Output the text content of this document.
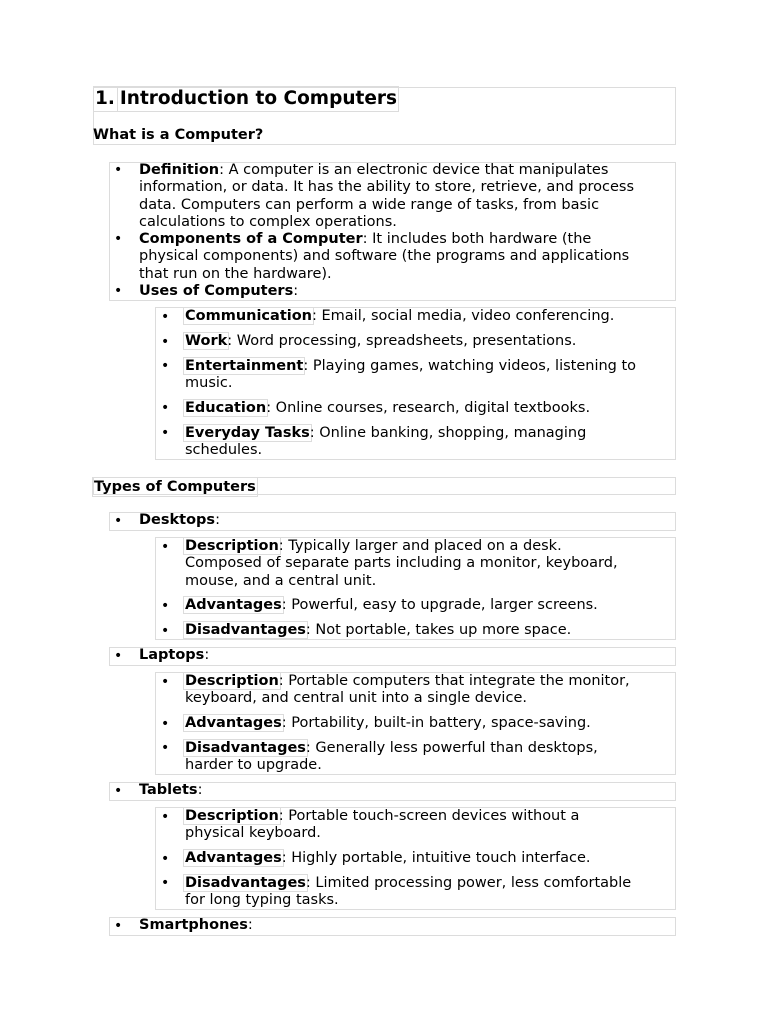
1. Introduction to Computers
What is a Computer?
• Definition: A computer is an electronic device that manipulates
information, or data. It has the ability to store, retrieve, and process
data. Computers can perform a wide range of tasks, from basic
calculations to complex operations.
• Components of a Computer: It includes both hardware (the
physical components) and software (the programs and applications
that run on the hardware).
• Uses of Computers:
• Communication: Email, social media, video conferencing.
• Work: Word processing, spreadsheets, presentations.
• Entertainment: Playing games, watching videos, listening to
music.
• Education: Online courses, research, digital textbooks.
• Everyday Tasks: Online banking, shopping, managing
schedules.
Types of Computers
• Desktops:
• Description: Typically larger and placed on a desk.
Composed of separate parts including a monitor, keyboard,
mouse, and a central unit.
• Advantages: Powerful, easy to upgrade, larger screens.
• Disadvantages: Not portable, takes up more space.
• Laptops:
• Description: Portable computers that integrate the monitor,
keyboard, and central unit into a single device.
• Advantages: Portability, built-in battery, space-saving.
• Disadvantages: Generally less powerful than desktops,
harder to upgrade.
• Tablets:
• Description: Portable touch-screen devices without a
physical keyboard.
• Advantages: Highly portable, intuitive touch interface.
• Disadvantages: Limited processing power, less comfortable
for long typing tasks.
• Smartphones:
